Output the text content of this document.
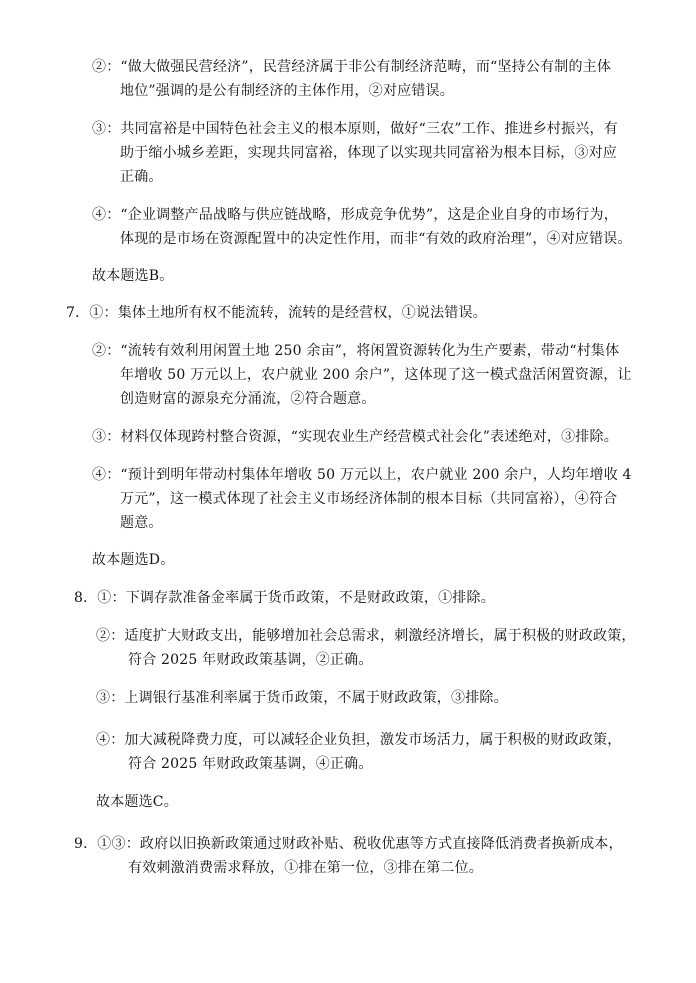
②：“做大做强民营经济”，民营经济属于非公有制经济范畴，而“坚持公有制的主体
地位”强调的是公有制经济的主体作用，②对应错误。
③：共同富裕是中国特色社会主义的根本原则，做好“三农”工作、推进乡村振兴，有
助于缩小城乡差距，实现共同富裕，体现了以实现共同富裕为根本目标，③对应
正确。
④：“企业调整产品战略与供应链战略，形成竞争优势”，这是企业自身的市场行为，
体现的是市场在资源配置中的决定性作用，而非“有效的政府治理”，④对应错误。
故本题选B。
7．①：集体土地所有权不能流转，流转的是经营权，①说法错误。
②：“流转有效利用闲置土地 250 余亩”，将闲置资源转化为生产要素，带动“村集体
年增收 50 万元以上，农户就业 200 余户”，这体现了这一模式盘活闲置资源，让
创造财富的源泉充分涌流，②符合题意。
③：材料仅体现跨村整合资源，“实现农业生产经营模式社会化”表述绝对，③排除。
④：“预计到明年带动村集体年增收 50 万元以上，农户就业 200 余户，人均年增收 4
万元”，这一模式体现了社会主义市场经济体制的根本目标（共同富裕），④符合
题意。
故本题选D。
8．①：下调存款准备金率属于货币政策，不是财政政策，①排除。
②：适度扩大财政支出，能够增加社会总需求，刺激经济增长，属于积极的财政政策，
符合 2025 年财政政策基调，②正确。
③：上调银行基准利率属于货币政策，不属于财政政策，③排除。
④：加大减税降费力度，可以减轻企业负担，激发市场活力，属于积极的财政政策，
符合 2025 年财政政策基调，④正确。
故本题选C。
9．①③：政府以旧换新政策通过财政补贴、税收优惠等方式直接降低消费者换新成本，
有效刺激消费需求释放，①排在第一位，③排在第二位。
